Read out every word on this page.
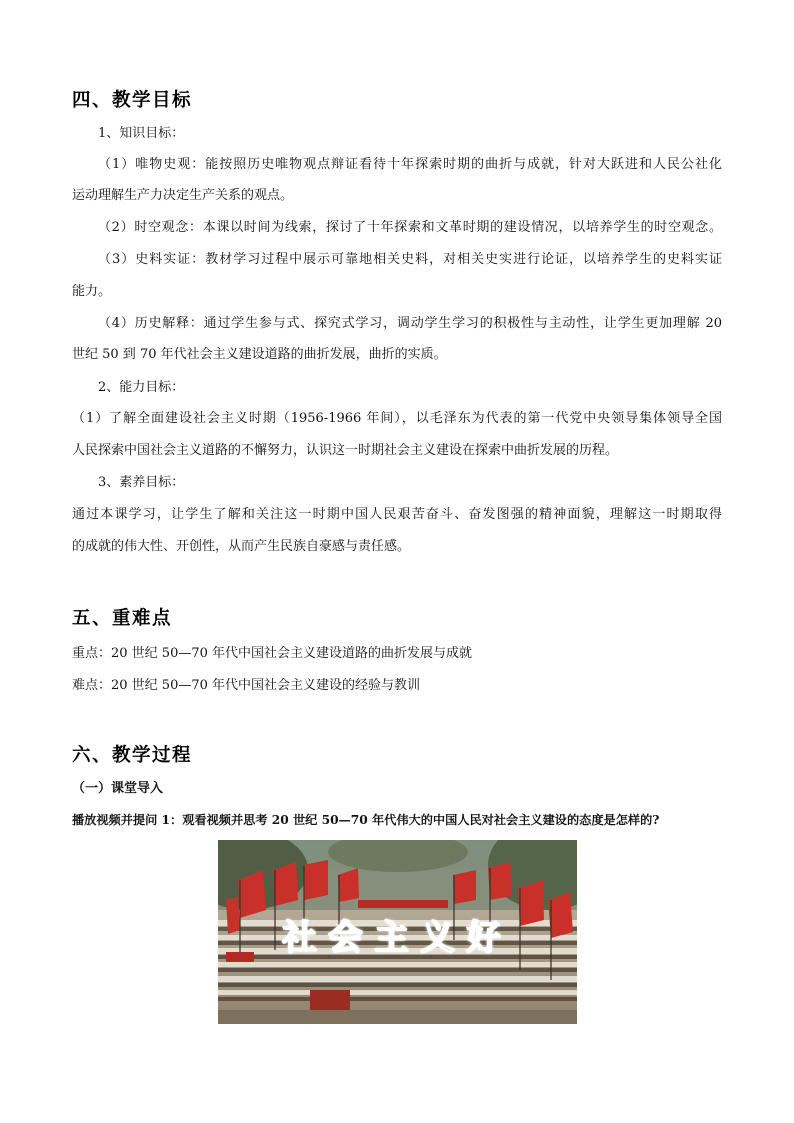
四、教学目标
1、知识目标：
（1）唯物史观：能按照历史唯物观点辩证看待十年探索时期的曲折与成就，针对大跃进和人民公社化
运动理解生产力决定生产关系的观点。
（2）时空观念：本课以时间为线索，探讨了十年探索和文革时期的建设情况，以培养学生的时空观念。
（3）史料实证：教材学习过程中展示可靠地相关史料，对相关史实进行论证，以培养学生的史料实证
能力。
（4）历史解释：通过学生参与式、探究式学习，调动学生学习的积极性与主动性，让学生更加理解 20
世纪 50 到 70 年代社会主义建设道路的曲折发展，曲折的实质。
2、能力目标：
（1）了解全面建设社会主义时期（1956-1966 年间），以毛泽东为代表的第一代党中央领导集体领导全国
人民探索中国社会主义道路的不懈努力，认识这一时期社会主义建设在探索中曲折发展的历程。
3、素养目标：
通过本课学习，让学生了解和关注这一时期中国人民艰苦奋斗、奋发图强的精神面貌，理解这一时期取得
的成就的伟大性、开创性，从而产生民族自豪感与责任感。
五、重难点
重点：20 世纪 50—70 年代中国社会主义建设道路的曲折发展与成就
难点：20 世纪 50—70 年代中国社会主义建设的经验与教训
六、教学过程
（一）课堂导入
播放视频并提问 1：观看视频并思考 20 世纪 50—70 年代伟大的中国人民对社会主义建设的态度是怎样的?
社会主义好
